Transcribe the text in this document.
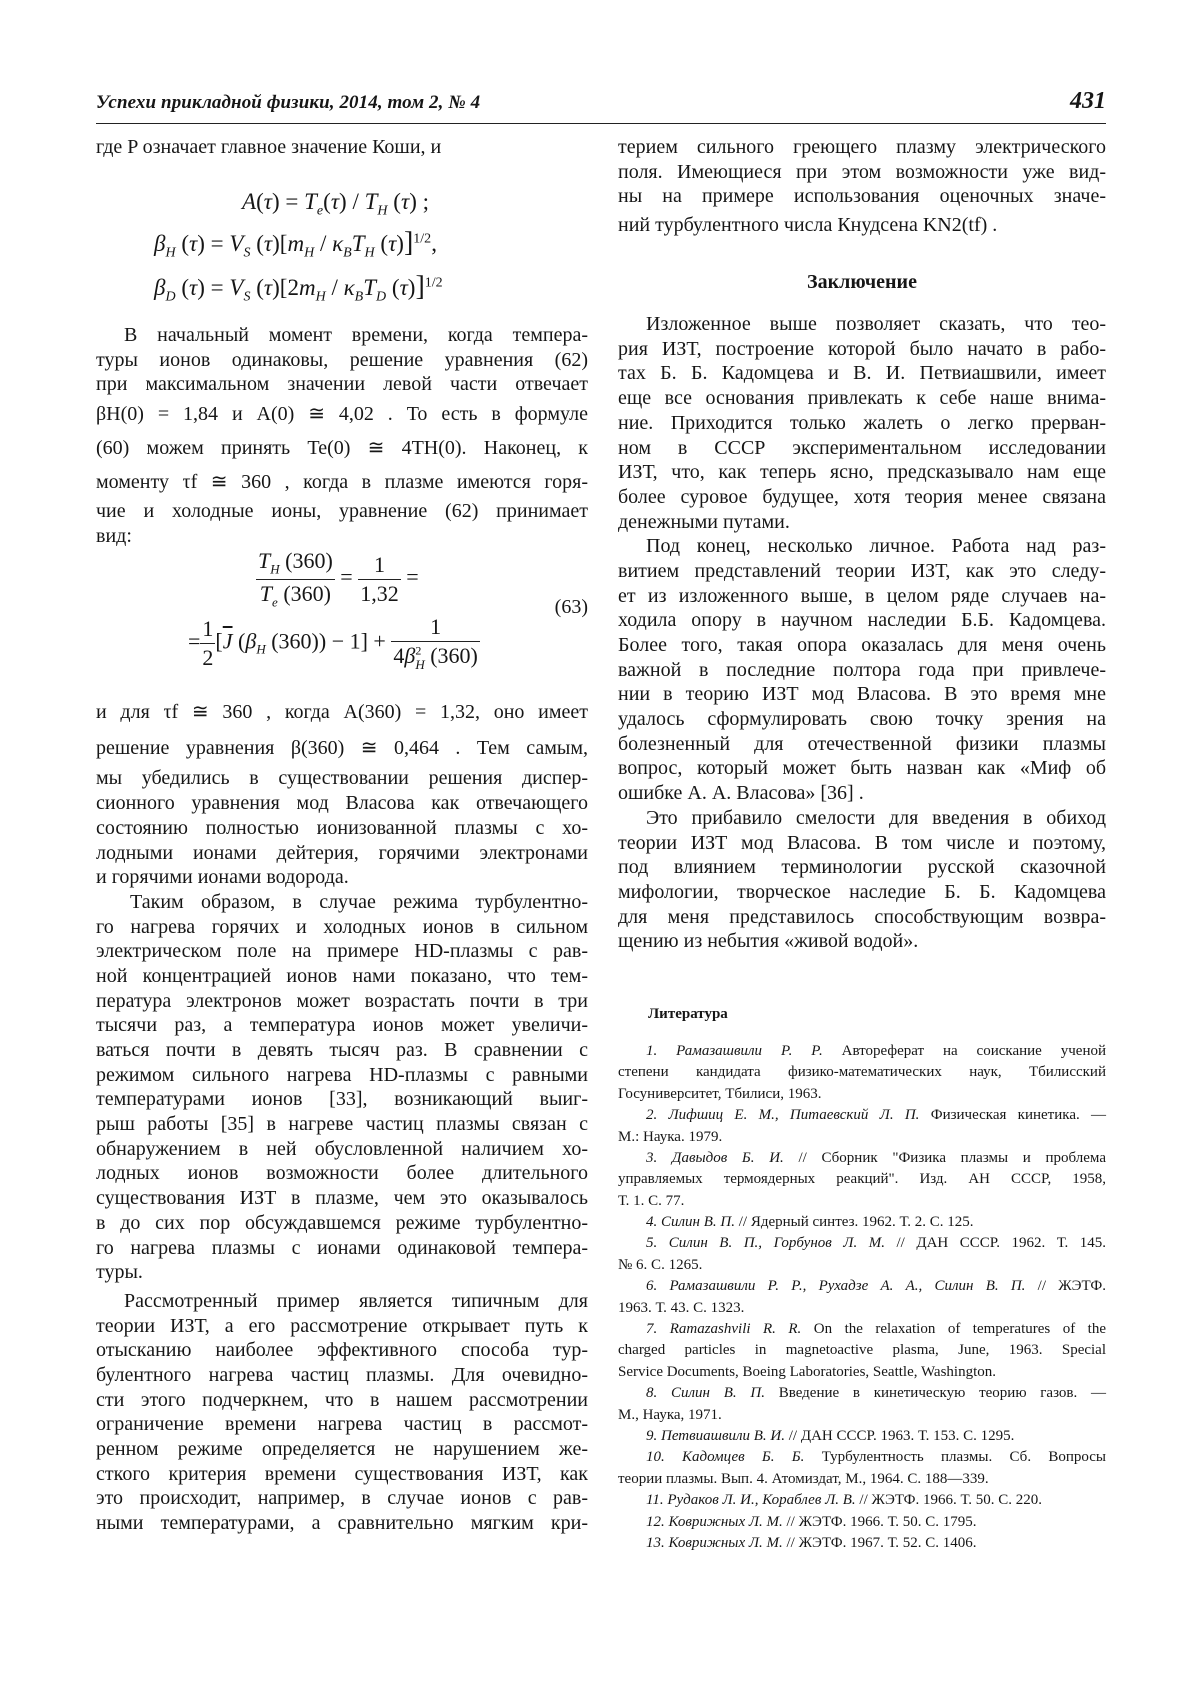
Успехи прикладной физики, 2014, том 2, № 4	431
где P означает главное значение Коши, и
$A(\tau) = T_e(\tau) / T_H$ (τ) ;
$\beta_H$ $(\tau) = V_S$ $(\tau)[m_H / \kappa_BT_H$ (τ)]$^{1/2}$,
$\beta_D$ $(\tau) = V_S$ $(\tau)[2m_H / \kappa_BT_D$ (τ)]$^{1/2}$
В начальный момент времени, когда темпера-
туры ионов одинаковы, решение уравнения (62)
при максимальном значении левой части отвечает
βH(0) = 1,84 и A(0) ≅ 4,02 . То есть в формуле
(60) можем принять Te(0) ≅ 4TH(0). Наконец, к
моменту τf ≅ 360 , когда в плазме имеются горя-
чие и холодные ионы, уравнение (62) принимает
вид:
$\frac{T_H (360)}{T_e (360)} = \frac{1}{1,32}$ =
= $\frac{1}{2} [\overline{J}$ ($\beta_H$ $(360)) - 1] + \frac{1}{4\beta^2_H (360)}$
(63)
и для τf ≅ 360 , когда A(360) = 1,32, оно имеет
решение уравнения β(360) ≅ 0,464 . Тем самым,
мы убедились в существовании решения диспер-
сионного уравнения мод Власова как отвечающего
состоянию полностью ионизованной плазмы с хо-
лодными ионами дейтерия, горячими электронами
и горячими ионами водорода.
Таким образом, в случае режима турбулентно-
го нагрева горячих и холодных ионов в сильном
электрическом поле на примере HD-плазмы с рав-
ной концентрацией ионов нами показано, что тем-
пература электронов может возрастать почти в три
тысячи раз, а температура ионов может увеличи-
ваться почти в девять тысяч раз. В сравнении с
режимом сильного нагрева HD-плазмы с равными
температурами ионов [33], возникающий выиг-
рыш работы [35] в нагреве частиц плазмы связан с
обнаружением в ней обусловленной наличием хо-
лодных ионов возможности более длительного
существования ИЗТ в плазме, чем это оказывалось
в до сих пор обсуждавшемся режиме турбулентно-
го нагрева плазмы с ионами одинаковой темпера-
туры.
Рассмотренный пример является типичным для
теории ИЗТ, а его рассмотрение открывает путь к
отысканию наиболее эффективного способа тур-
булентного нагрева частиц плазмы. Для очевидно-
сти этого подчеркнем, что в нашем рассмотрении
ограничение времени нагрева частиц в рассмот-
ренном режиме определяется не нарушением же-
сткого критерия времени существования ИЗТ, как
это происходит, например, в случае ионов с рав-
ными температурами, а сравнительно мягким кри-
терием сильного греющего плазму электрического
поля. Имеющиеся при этом возможности уже вид-
ны на примере использования оценочных значе-
ний турбулентного числа Кнудсена KN2(tf) .
Заключение
Изложенное выше позволяет сказать, что тео-
рия ИЗТ, построение которой было начато в рабо-
тах Б. Б. Кадомцева и В. И. Петвиашвили, имеет
еще все основания привлекать к себе наше внима-
ние. Приходится только жалеть о легко прерван-
ном в СССР экспериментальном исследовании
ИЗТ, что, как теперь ясно, предсказывало нам еще
более суровое будущее, хотя теория менее связана
денежными путами.
Под конец, несколько личное. Работа над раз-
витием представлений теории ИЗТ, как это следу-
ет из изложенного выше, в целом ряде случаев на-
ходила опору в научном наследии Б.Б. Кадомцева.
Более того, такая опора оказалась для меня очень
важной в последние полтора года при привлече-
нии в теорию ИЗТ мод Власова. В это время мне
удалось сформулировать свою точку зрения на
болезненный для отечественной физики плазмы
вопрос, который может быть назван как «Миф об
ошибке А. А. Власова» [36] .
Это прибавило смелости для введения в обиход
теории ИЗТ мод Власова. В том числе и поэтому,
под влиянием терминологии русской сказочной
мифологии, творческое наследие Б. Б. Кадомцева
для меня представилось способствующим возвра-
щению из небытия «живой водой».
Литература
1. Рамазашвили Р. Р. Автореферат на соискание ученой
степени кандидата физико-математических наук, Тбилисский
Госуниверситет, Тбилиси, 1963.
2. Лифшиц Е. М., Питаевский Л. П. Физическая кинетика. —
М.: Наука. 1979.
3. Давыдов Б. И. // Сборник "Физика плазмы и проблема
управляемых термоядерных реакций". Изд. АН СССР, 1958,
Т. 1. С. 77.
4. Силин В. П. // Ядерный синтез. 1962. Т. 2. С. 125.
5. Силин В. П., Горбунов Л. М. // ДАН СССР. 1962. Т. 145.
№ 6. С. 1265.
6. Рамазашвили Р. Р., Рухадзе А. А., Силин В. П. // ЖЭТФ.
1963. Т. 43. С. 1323.
7. Ramazashvili R. R. On the relaxation of temperatures of the
charged particles in magnetoactive plasma, June, 1963. Special
Service Documents, Boeing Laboratories, Seattle, Washington.
8. Силин В. П. Введение в кинетическую теорию газов. —
М., Наука, 1971.
9. Петвиашвили В. И. // ДАН СССР. 1963. Т. 153. С. 1295.
10. Кадомцев Б. Б. Турбулентность плазмы. Сб. Вопросы
теории плазмы. Вып. 4. Атомиздат, М., 1964. С. 188—339.
11. Рудаков Л. И., Кораблев Л. В. // ЖЭТФ. 1966. Т. 50. С. 220.
12. Коврижных Л. М. // ЖЭТФ. 1966. Т. 50. С. 1795.
13. Коврижных Л. М. // ЖЭТФ. 1967. Т. 52. С. 1406.
